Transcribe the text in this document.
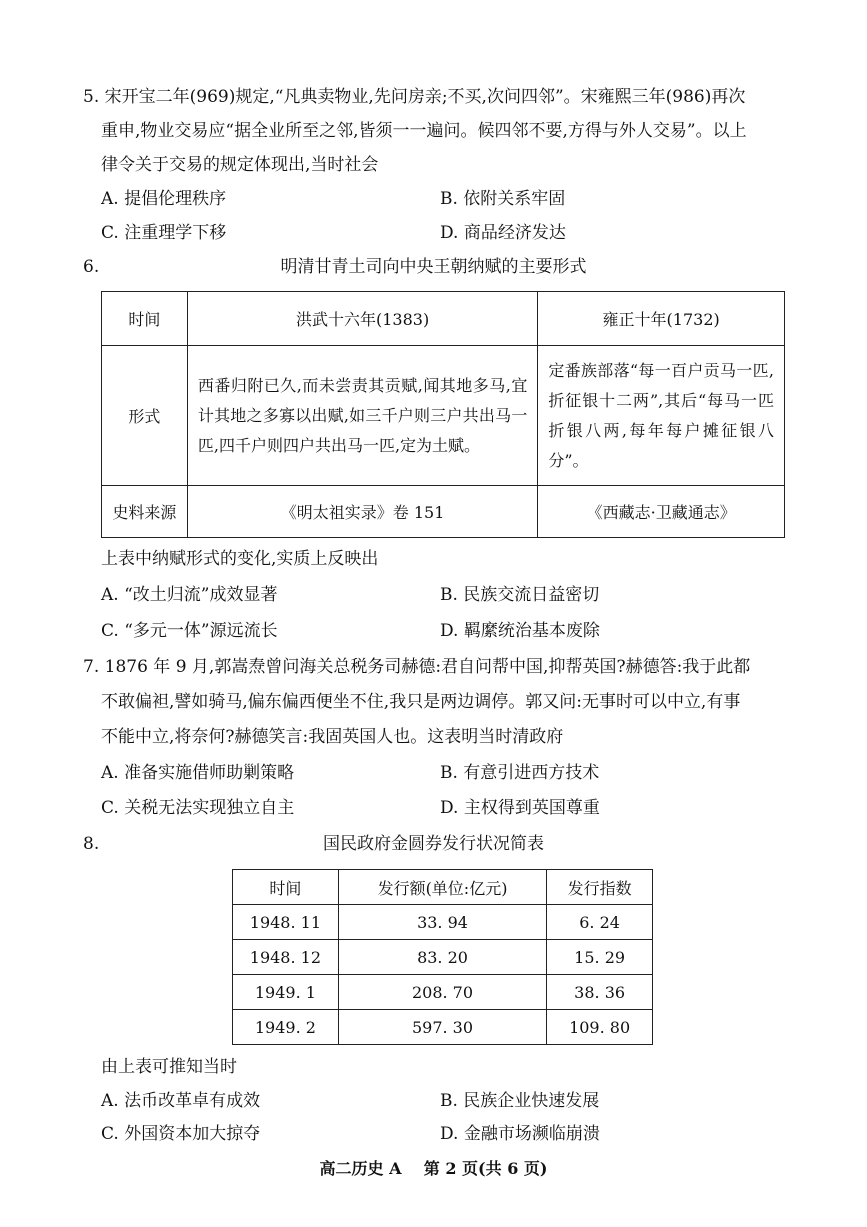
5. 宋开宝二年(969)规定,“凡典卖物业,先问房亲;不买,次问四邻”。宋雍熙三年(986)再次
重申,物业交易应“据全业所至之邻,皆须一一遍问。候四邻不要,方得与外人交易”。以上
律令关于交易的规定体现出,当时社会
A. 提倡伦理秩序	B. 依附关系牢固
C. 注重理学下移	D. 商品经济发达
6.	明清甘青土司向中央王朝纳赋的主要形式
时间	洪武十六年(1383)	雍正十年(1732)
形式	西番归附已久,而未尝责其贡赋,闻其地多马,宜计其地之多寡以出赋,如三千户则三户共出马一匹,四千户则四户共出马一匹,定为土赋。	定番族部落“每一百户贡马一匹,折征银十二两”,其后“每马一匹折银八两,每年每户摊征银八分”。
史料来源	《明太祖实录》卷 151	《西藏志·卫藏通志》
上表中纳赋形式的变化,实质上反映出
A. “改土归流”成效显著	B. 民族交流日益密切
C. “多元一体”源远流长	D. 羁縻统治基本废除
7. 1876 年 9 月,郭嵩焘曾问海关总税务司赫德:君自问帮中国,抑帮英国?赫德答:我于此都
不敢偏袒,譬如骑马,偏东偏西便坐不住,我只是两边调停。郭又问:无事时可以中立,有事
不能中立,将奈何?赫德笑言:我固英国人也。这表明当时清政府
A. 准备实施借师助剿策略	B. 有意引进西方技术
C. 关税无法实现独立自主	D. 主权得到英国尊重
8.	国民政府金圆券发行状况简表
时间	发行额(单位:亿元)	发行指数
1948. 11	33. 94	6. 24
1948. 12	83. 20	15. 29
1949. 1	208. 70	38. 36
1949. 2	597. 30	109. 80
由上表可推知当时
A. 法币改革卓有成效	B. 民族企业快速发展
C. 外国资本加大掠夺	D. 金融市场濒临崩溃
高二历史 A    第 2 页(共 6 页)
